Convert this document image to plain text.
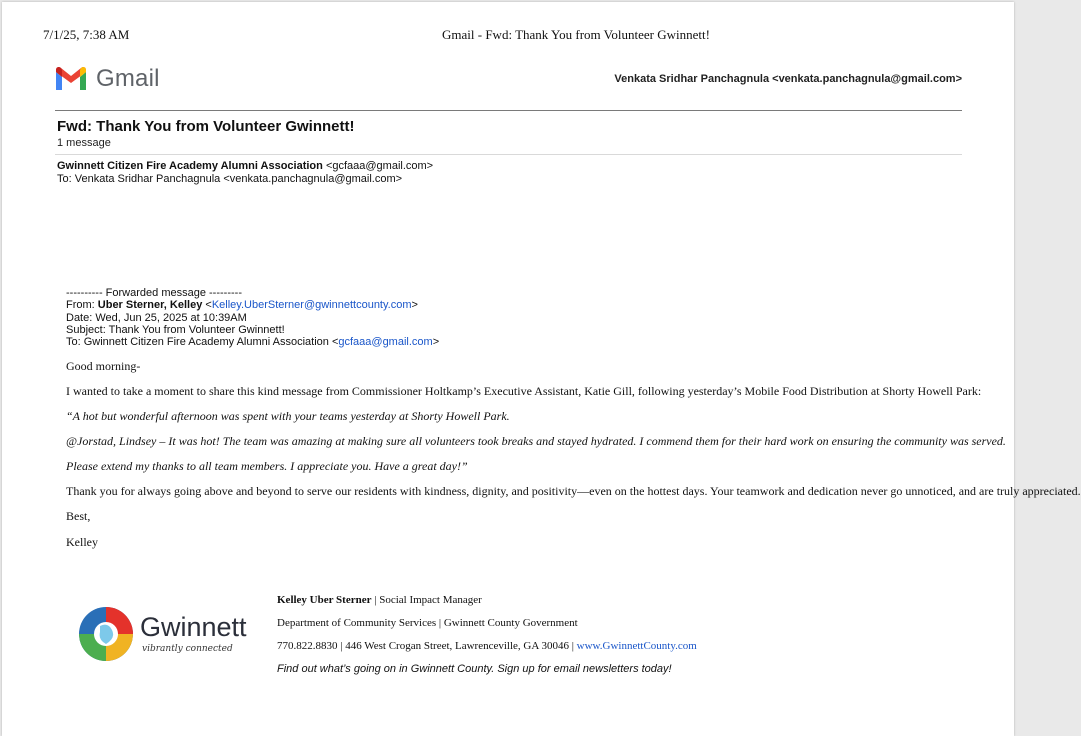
7/1/25, 7:38 AM	Gmail - Fwd: Thank You from Volunteer Gwinnett!
Gmail	Venkata Sridhar Panchagnula <venkata.panchagnula@gmail.com>
Fwd: Thank You from Volunteer Gwinnett!
1 message
Gwinnett Citizen Fire Academy Alumni Association <gcfaaa@gmail.com>
To: Venkata Sridhar Panchagnula <venkata.panchagnula@gmail.com>
---------- Forwarded message ---------
From: Uber Sterner, Kelley <Kelley.UberSterner@gwinnettcounty.com>
Date: Wed, Jun 25, 2025 at 10:39AM
Subject: Thank You from Volunteer Gwinnett!
To: Gwinnett Citizen Fire Academy Alumni Association <gcfaaa@gmail.com>
Good morning-
I wanted to take a moment to share this kind message from Commissioner Holtkamp’s Executive Assistant, Katie Gill, following yesterday’s Mobile Food Distribution at Shorty Howell Park:
“A hot but wonderful afternoon was spent with your teams yesterday at Shorty Howell Park.
@Jorstad, Lindsey – It was hot! The team was amazing at making sure all volunteers took breaks and stayed hydrated. I commend them for their hard work on ensuring the community was served.
Please extend my thanks to all team members. I appreciate you. Have a great day!”
Thank you for always going above and beyond to serve our residents with kindness, dignity, and positivity—even on the hottest days. Your teamwork and dedication never go unnoticed, and are truly appreciated.
Best,
Kelley
Gwinnett
vibrantly connected
Kelley Uber Sterner | Social Impact Manager
Department of Community Services | Gwinnett County Government
770.822.8830 | 446 West Crogan Street, Lawrenceville, GA 30046 | www.GwinnettCounty.com
Find out what’s going on in Gwinnett County. Sign up for email newsletters today!
